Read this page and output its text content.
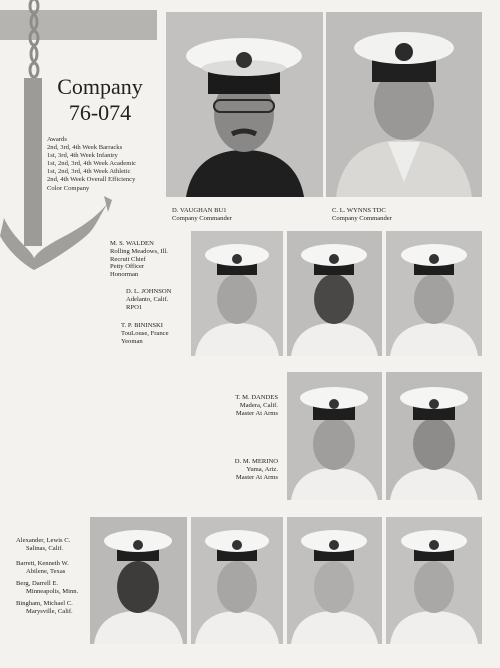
Company
76-074
Awards
2nd, 3rd, 4th Week Barracks
1st, 3rd, 4th Week Infantry
1st, 2nd, 3rd, 4th Week Academic
1st, 2nd, 3rd, 4th Week Athletic
2nd, 4th Week Overall Efficiency
Color Company
D. VAUGHAN BU1
Company Commander
C. L. WYNNS TDC
Company Commander
M. S. WALDEN
Rolling Meadows, Ill.
Recruit Chief
Petty Officer
Honorman
D. L. JOHNSON
Adelanto, Calif.
RPO1
T. P. BININSKI
TouLouse, France
Yeoman
T. M. DANDES
Madera, Calif.
Master At Arms
D. M. MERINO
Yuma, Ariz.
Master At Arms
Alexander, Lewis C.
Salinas, Calif.
Barrett, Kenneth W.
Abilene, Texas
Berg, Darrell E.
Minneapolis, Minn.
Bingham, Michael C.
Marysville, Calif.
